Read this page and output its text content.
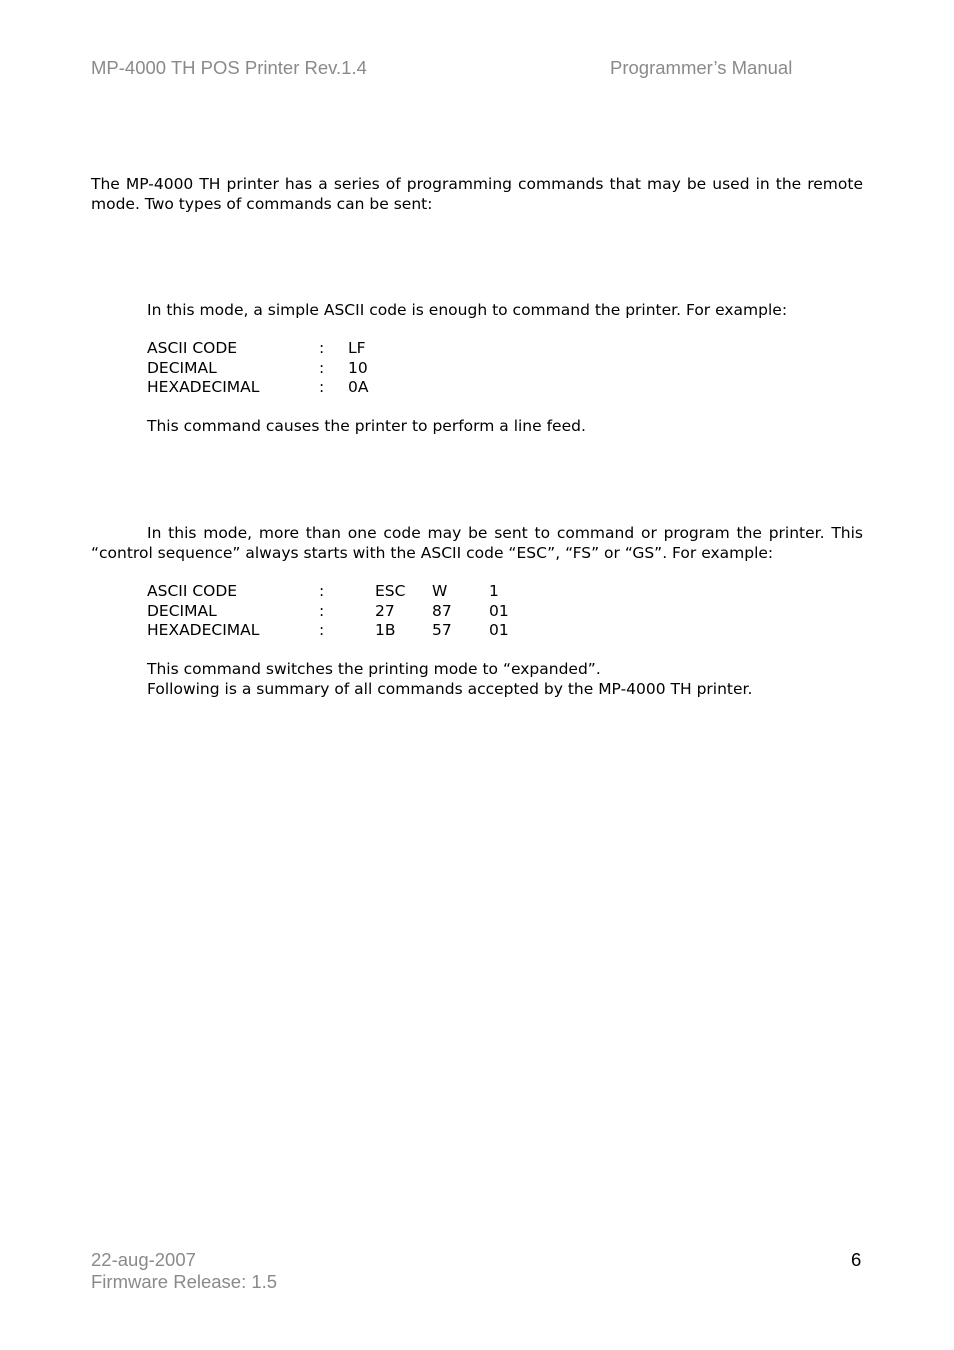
MP-4000 TH POS Printer Rev.1.4	Programmer’s Manual
The MP-4000 TH printer has a series of programming commands that may be used in the remote mode. Two types of commands can be sent:
In this mode, a simple ASCII code is enough to command the printer. For example:
ASCII CODE	: LF
DECIMAL	: 10
HEXADECIMAL	: 0A
This command causes the printer to perform a line feed.
In this mode, more than one code may be sent to command or program the printer. This “control sequence” always starts with the ASCII code “ESC”, “FS” or “GS”. For example:
ASCII CODE	:	ESC W	1
DECIMAL	:	27 87 01
HEXADECIMAL	:	1B 57 01
This command switches the printing mode to “expanded”.
Following is a summary of all commands accepted by the MP-4000 TH printer.
22-aug-2007
Firmware Release: 1.5
6
